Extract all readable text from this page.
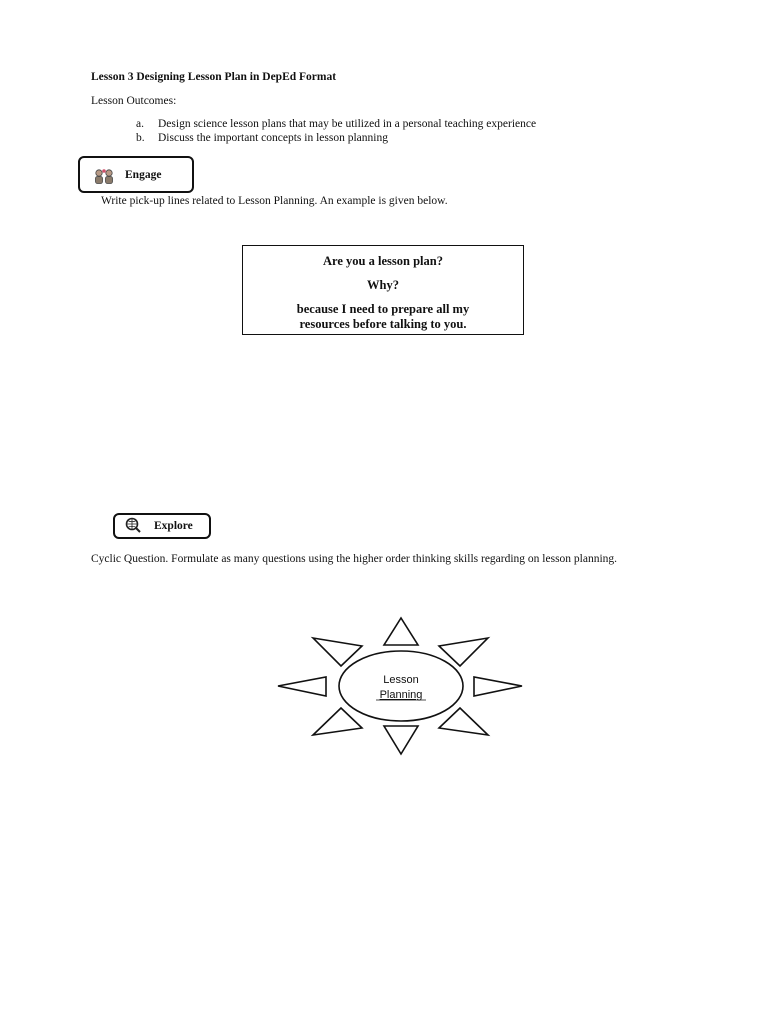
Lesson 3 Designing Lesson Plan in DepEd Format
Lesson Outcomes:
a. Design science lesson plans that may be utilized in a personal teaching experience
b. Discuss the important concepts in lesson planning
Engage
Write pick-up lines related to Lesson Planning. An example is given below.
Are you a lesson plan?
Why?
because I need to prepare all my
resources before talking to you.
Explore
Cyclic Question. Formulate as many questions using the higher order thinking skills regarding on lesson planning.
Lesson
Planning
